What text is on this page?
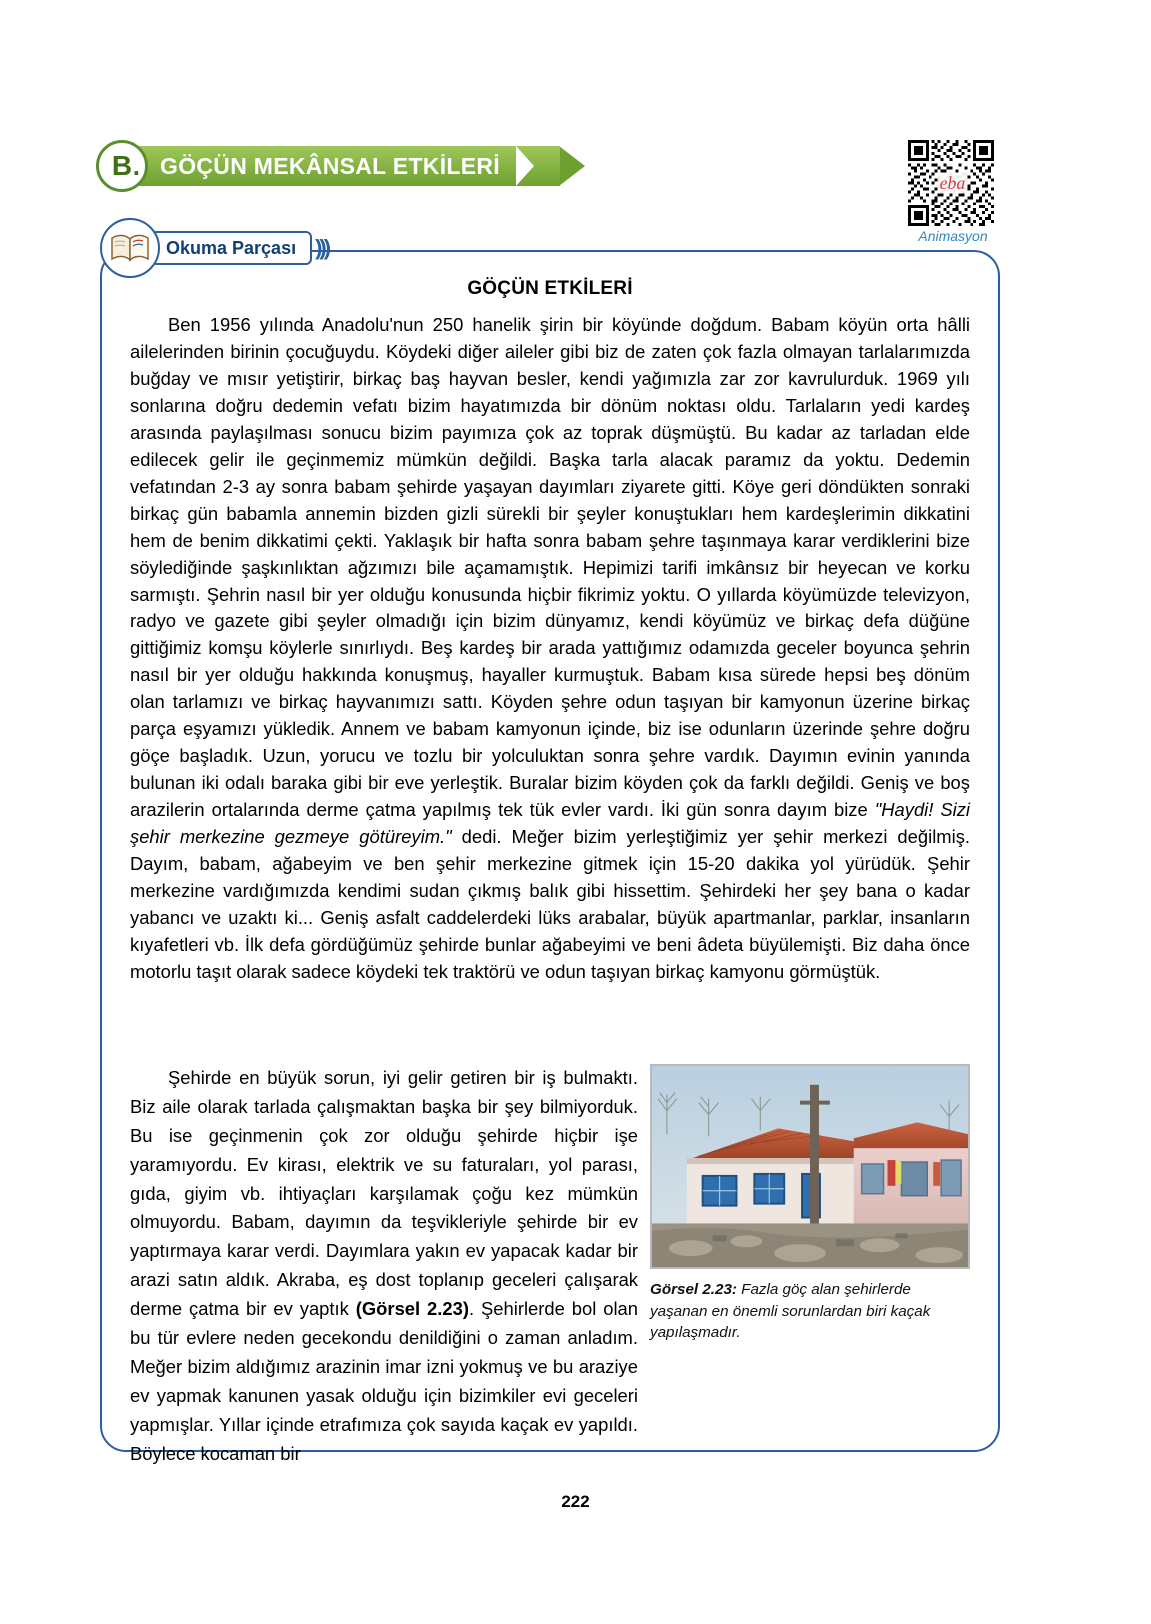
B . GÖÇÜN MEKÂNSAL ETKİLERİ
eba
Animasyon
Okuma Parçası )))
GÖÇÜN ETKİLERİ

Ben 1956 yılında Anadolu'nun 250 hanelik şirin bir köyünde doğdum. Babam köyün orta hâlli ailelerinden birinin çocuğuydu. Köydeki diğer aileler gibi biz de zaten çok fazla olmayan tarlalarımızda buğday ve mısır yetiştirir, birkaç baş hayvan besler, kendi yağımızla zar zor kavrulurduk. 1969 yılı sonlarına doğru dedemin vefatı bizim hayatımızda bir dönüm noktası oldu. Tarlaların yedi kardeş arasında paylaşılması sonucu bizim payımıza çok az toprak düşmüştü. Bu kadar az tarladan elde edilecek gelir ile geçinmemiz mümkün değildi. Başka tarla alacak paramız da yoktu. Dedemin vefatından 2-3 ay sonra babam şehirde yaşayan dayımları ziyarete gitti. Köye geri döndükten sonraki birkaç gün babamla annemin bizden gizli sürekli bir şeyler konuştukları hem kardeşlerimin dikkatini hem de benim dikkatimi çekti. Yaklaşık bir hafta sonra babam şehre taşınmaya karar verdiklerini bize söylediğinde şaşkınlıktan ağzımızı bile açamamıştık. Hepimizi tarifi imkânsız bir heyecan ve korku sarmıştı. Şehrin nasıl bir yer olduğu konusunda hiçbir fikrimiz yoktu. O yıllarda köyümüzde televizyon, radyo ve gazete gibi şeyler olmadığı için bizim dünyamız, kendi köyümüz ve birkaç defa düğüne gittiğimiz komşu köylerle sınırlıydı. Beş kardeş bir arada yattığımız odamızda geceler boyunca şehrin nasıl bir yer olduğu hakkında konuşmuş, hayaller kurmuştuk. Babam kısa sürede hepsi beş dönüm olan tarlamızı ve birkaç hayvanımızı sattı. Köyden şehre odun taşıyan bir kamyonun üzerine birkaç parça eşyamızı yükledik. Annem ve babam kamyonun içinde, biz ise odunların üzerinde şehre doğru göçe başladık. Uzun, yorucu ve tozlu bir yolculuktan sonra şehre vardık. Dayımın evinin yanında bulunan iki odalı baraka gibi bir eve yerleştik. Buralar bizim köyden çok da farklı değildi. Geniş ve boş arazilerin ortalarında derme çatma yapılmış tek tük evler vardı. İki gün sonra dayım bize "Haydi! Sizi şehir merkezine gezmeye götüreyim." dedi. Meğer bizim yerleştiğimiz yer şehir merkezi değilmiş. Dayım, babam, ağabeyim ve ben şehir merkezine gitmek için 15-20 dakika yol yürüdük. Şehir merkezine vardığımızda kendimi sudan çıkmış balık gibi hissettim. Şehirdeki her şey bana o kadar yabancı ve uzaktı ki... Geniş asfalt caddelerdeki lüks arabalar, büyük apartmanlar, parklar, insanların kıyafetleri vb. İlk defa gördüğümüz şehirde bunlar ağabeyimi ve beni âdeta büyülemişti. Biz daha önce motorlu taşıt olarak sadece köydeki tek traktörü ve odun taşıyan birkaç kamyonu görmüştük.

Şehirde en büyük sorun, iyi gelir getiren bir iş bulmaktı. Biz aile olarak tarlada çalışmaktan başka bir şey bilmiyorduk. Bu ise geçinmenin çok zor olduğu şehirde hiçbir işe yaramıyordu. Ev kirası, elektrik ve su faturaları, yol parası, gıda, giyim vb. ihtiyaçları karşılamak çoğu kez mümkün olmuyordu. Babam, dayımın da teşvikleriyle şehirde bir ev yaptırmaya karar verdi. Dayımlara yakın ev yapacak kadar bir arazi satın aldık. Akraba, eş dost toplanıp geceleri çalışarak derme çatma bir ev yaptık (Görsel 2.23). Şehirlerde bol olan bu tür evlere neden gecekondu denildiğini o zaman anladım. Meğer bizim aldığımız arazinin imar izni yokmuş ve bu araziye ev yapmak kanunen yasak olduğu için bizimkiler evi geceleri yapmışlar. Yıllar içinde etrafımıza çok sayıda kaçak ev yapıldı. Böylece kocaman bir

Görsel 2.23: Fazla göç alan şehirlerde yaşanan en önemli sorunlardan biri kaçak yapılaşmadır.
222
